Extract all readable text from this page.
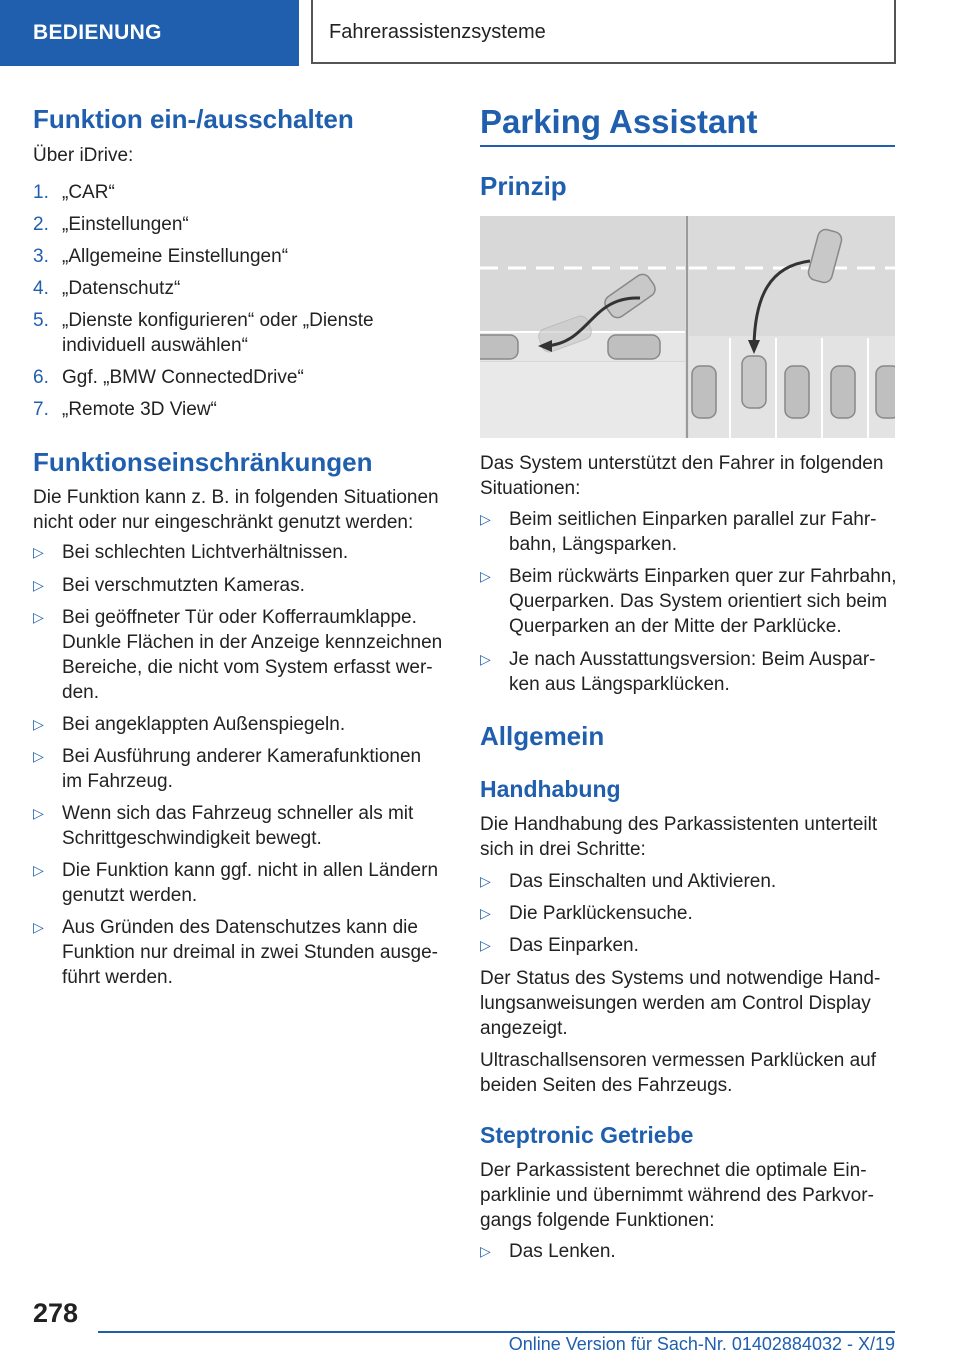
BEDIENUNG	Fahrerassistenzsysteme
Funktion ein-/ausschalten
Über iDrive:
1. „CAR“
2. „Einstellungen“
3. „Allgemeine Einstellungen“
4. „Datenschutz“
5. „Dienste konfigurieren“ oder „Dienste
individuell auswählen“
6. Ggf. „BMW ConnectedDrive“
7. „Remote 3D View“
Funktionseinschränkungen
Die Funktion kann z. B. in folgenden Situationen
nicht oder nur eingeschränkt genutzt werden:
▷ Bei schlechten Lichtverhältnissen.
▷ Bei verschmutzten Kameras.
▷ Bei geöffneter Tür oder Kofferraumklappe.
Dunkle Flächen in der Anzeige kennzeichnen
Bereiche, die nicht vom System erfasst wer-
den.
▷ Bei angeklappten Außenspiegeln.
▷ Bei Ausführung anderer Kamerafunktionen
im Fahrzeug.
▷ Wenn sich das Fahrzeug schneller als mit
Schrittgeschwindigkeit bewegt.
▷ Die Funktion kann ggf. nicht in allen Ländern
genutzt werden.
▷ Aus Gründen des Datenschutzes kann die
Funktion nur dreimal in zwei Stunden ausge-
führt werden.
Parking Assistant
Prinzip
Das System unterstützt den Fahrer in folgenden
Situationen:
▷ Beim seitlichen Einparken parallel zur Fahr-
bahn, Längsparken.
▷ Beim rückwärts Einparken quer zur Fahrbahn,
Querparken. Das System orientiert sich beim
Querparken an der Mitte der Parklücke.
▷ Je nach Ausstattungsversion: Beim Auspar-
ken aus Längsparklücken.
Allgemein
Handhabung
Die Handhabung des Parkassistenten unterteilt
sich in drei Schritte:
▷ Das Einschalten und Aktivieren.
▷ Die Parklückensuche.
▷ Das Einparken.
Der Status des Systems und notwendige Hand-
lungsanweisungen werden am Control Display
angezeigt.
Ultraschallsensoren vermessen Parklücken auf
beiden Seiten des Fahrzeugs.
Steptronic Getriebe
Der Parkassistent berechnet die optimale Ein-
parklinie und übernimmt während des Parkvor-
gangs folgende Funktionen:
▷ Das Lenken.
278
Online Version für Sach-Nr. 01402884032 - X/19
